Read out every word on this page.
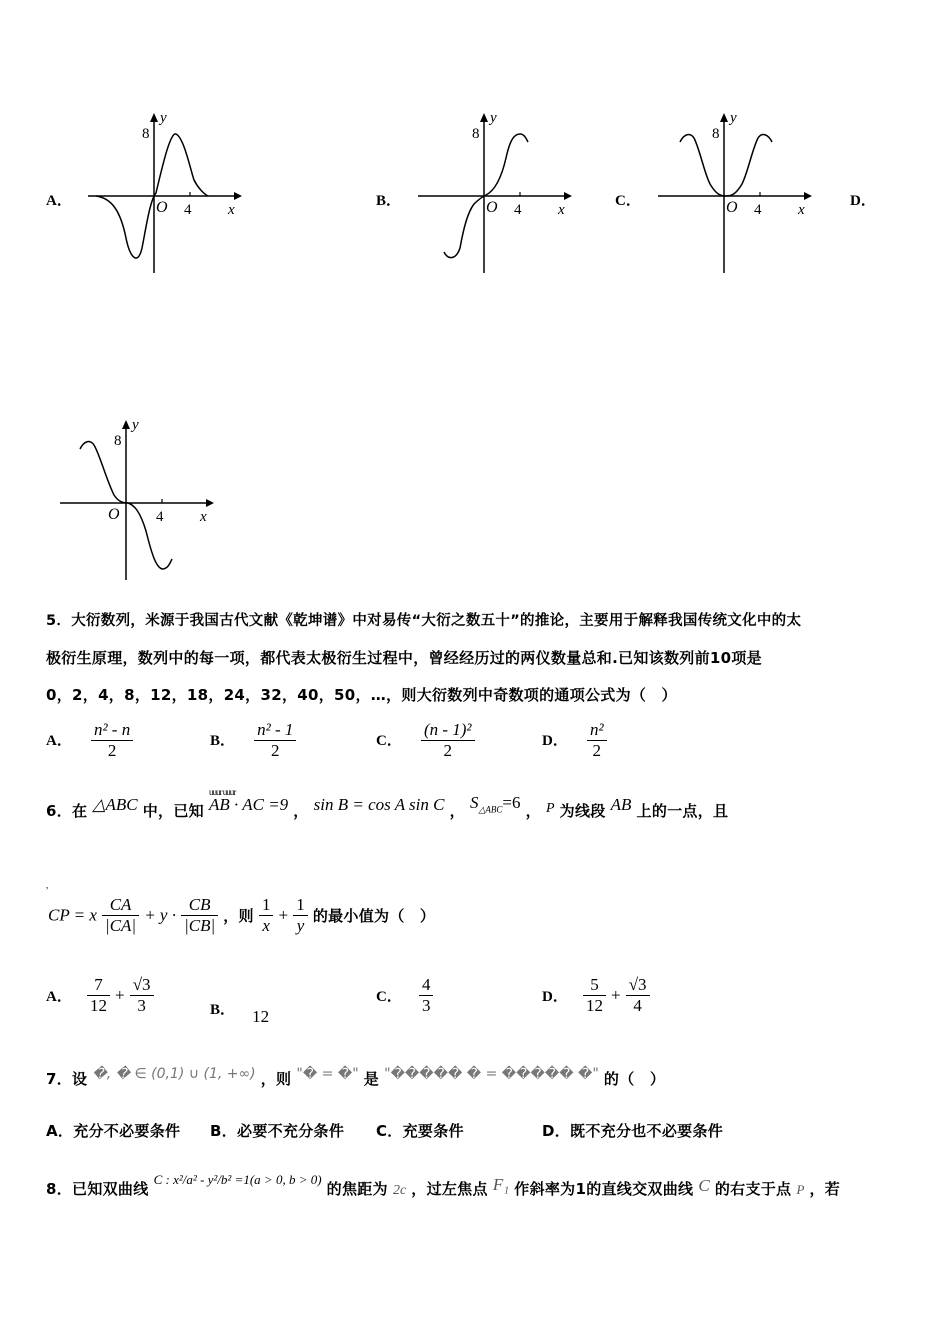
A．
y
8
O 4 x
B．
y
8
O 4 x
C．
y
8
O 4 x
D．
y
8
O 4 x
5．大衍数列，米源于我国古代文献《乾坤谱》中对易传“大衍之数五十”的推论，主要用于解释我国传统文化中的太
极衍生原理，数列中的每一项，都代表太极衍生过程中，曾经经历过的两仪数量总和.已知该数列前10项是
0，2，4，8，12，18，24，32，40，50，…，则大衍数列中奇数项的通项公式为（　）
A． $\frac{\text{n² - n}}{2}$	B． $\frac{\text{n² - 1}}{2}$	C． $\frac{\text{(n - 1)²}}{2}$	D． $\frac{\text{n²}}{2}$
6．在 △ABC 中，已知
uuur uuur
AB · AC =9 ， sin B = cos A sin C ， $S_{\triangle ABC}=6$ ， P 为线段 AB 上的一点，且
,
CP = x $\frac{CA}{|CA|} + y \cdot \frac{CB}{|CB|}$ ，则 $\frac{1}{x} + \frac{1}{y}$ 的最小值为（　）
A． $\frac{7}{12} + \frac{√3}{3}$	B． 12
C． $\frac{4}{3}$	D． $\frac{5}{12} + \frac{√3}{4}$
7．设 �, � ∈ (0,1) ∪ (1, +∞) ，则 "� = �" 是 "����� � = ����� �" 的（　）
A．充分不必要条件 B．必要不充分条件 C．充要条件	D．既不充分也不必要条件
8．已知双曲线 $^{C : x^2/a^2 - y^2/b^2 =1(a > 0, b > 0)}$ 的焦距为 2c ，过左焦点 F₁ 作斜率为1的直线交双曲线 C 的右支于点 P ，若
